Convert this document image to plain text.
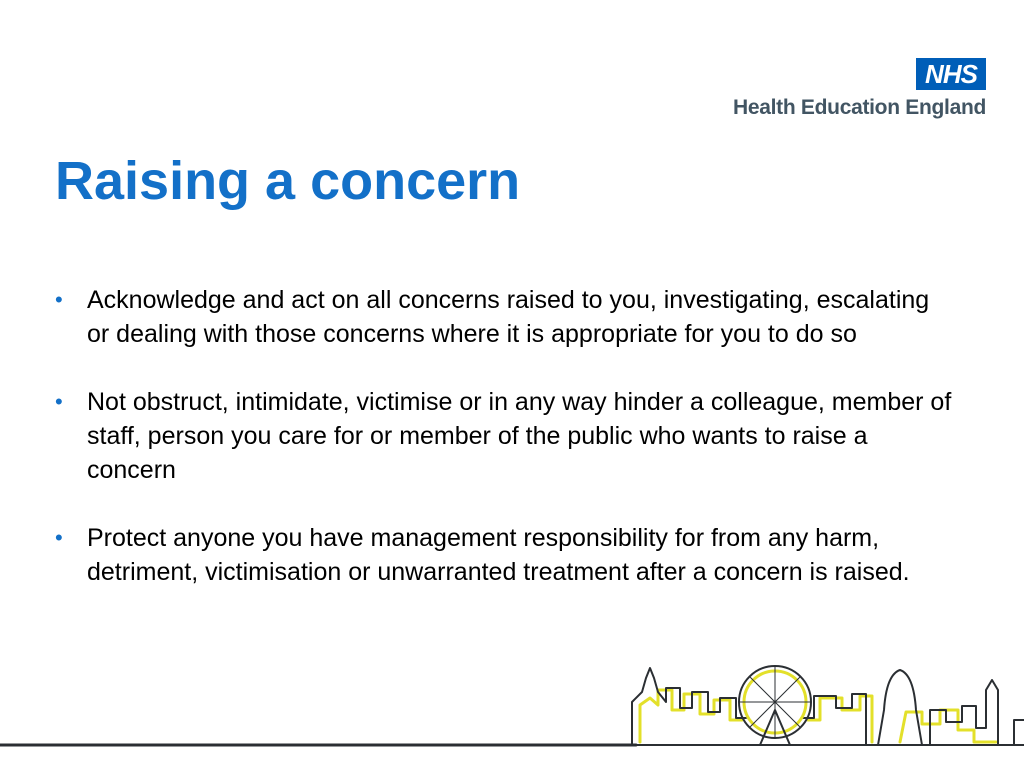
NHS
Health Education England
Raising a concern
• Acknowledge and act on all concerns raised to you, investigating, escalating or dealing with those concerns where it is appropriate for you to do so
• Not obstruct, intimidate, victimise or in any way hinder a colleague, member of staff, person you care for or member of the public who wants to raise a concern
• Protect anyone you have management responsibility for from any harm, detriment, victimisation or unwarranted treatment after a concern is raised.
